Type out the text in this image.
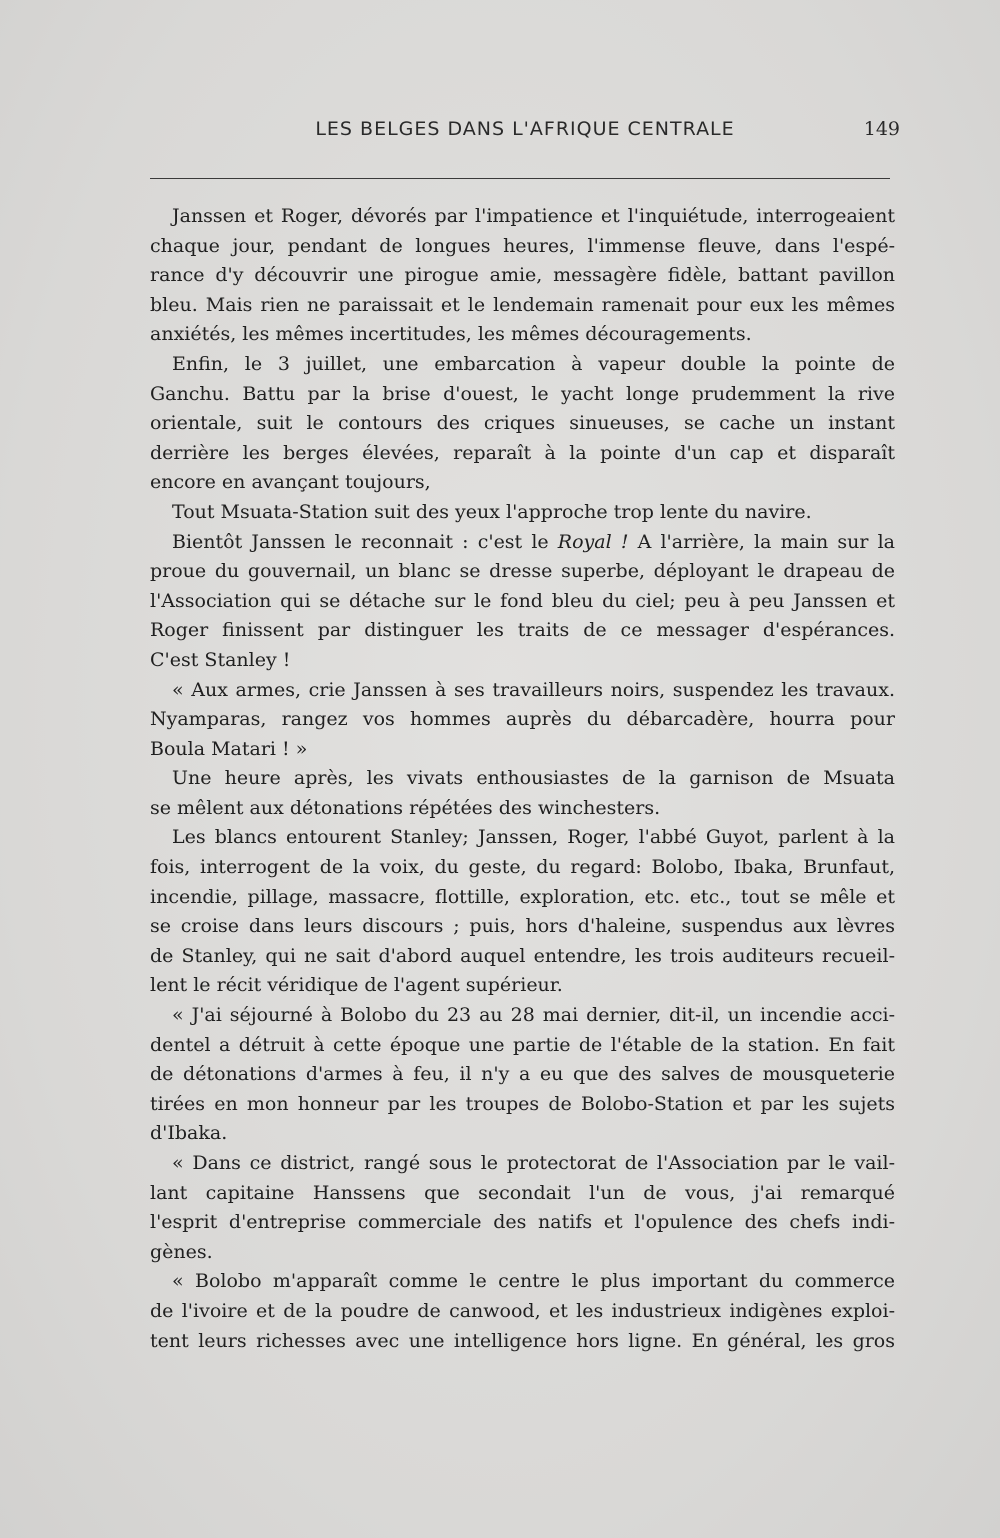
LES BELGES DANS L'AFRIQUE CENTRALE	149
Janssen et Roger, dévorés par l'impatience et l'inquiétude, interrogeaient
chaque jour, pendant de longues heures, l'immense fleuve, dans l'espé-
rance d'y découvrir une pirogue amie, messagère fidèle, battant pavillon
bleu. Mais rien ne paraissait et le lendemain ramenait pour eux les mêmes
anxiétés, les mêmes incertitudes, les mêmes découragements.
Enfin, le 3 juillet, une embarcation à vapeur double la pointe de
Ganchu. Battu par la brise d'ouest, le yacht longe prudemment la rive
orientale, suit le contours des criques sinueuses, se cache un instant
derrière les berges élevées, reparaît à la pointe d'un cap et disparaît
encore en avançant toujours,
Tout Msuata-Station suit des yeux l'approche trop lente du navire.
Bientôt Janssen le reconnait : c'est le Royal ! A l'arrière, la main sur la
proue du gouvernail, un blanc se dresse superbe, déployant le drapeau de
l'Association qui se détache sur le fond bleu du ciel; peu à peu Janssen et
Roger finissent par distinguer les traits de ce messager d'espérances.
C'est Stanley !
« Aux armes, crie Janssen à ses travailleurs noirs, suspendez les travaux.
Nyamparas, rangez vos hommes auprès du débarcadère, hourra pour
Boula Matari ! »
Une heure après, les vivats enthousiastes de la garnison de Msuata
se mêlent aux détonations répétées des winchesters.
Les blancs entourent Stanley; Janssen, Roger, l'abbé Guyot, parlent à la
fois, interrogent de la voix, du geste, du regard: Bolobo, Ibaka, Brunfaut,
incendie, pillage, massacre, flottille, exploration, etc. etc., tout se mêle et
se croise dans leurs discours ; puis, hors d'haleine, suspendus aux lèvres
de Stanley, qui ne sait d'abord auquel entendre, les trois auditeurs recueil-
lent le récit véridique de l'agent supérieur.
« J'ai séjourné à Bolobo du 23 au 28 mai dernier, dit-il, un incendie acci-
dentel a détruit à cette époque une partie de l'étable de la station. En fait
de détonations d'armes à feu, il n'y a eu que des salves de mousqueterie
tirées en mon honneur par les troupes de Bolobo-Station et par les sujets
d'Ibaka.
« Dans ce district, rangé sous le protectorat de l'Association par le vail-
lant capitaine Hanssens que secondait l'un de vous, j'ai remarqué
l'esprit d'entreprise commerciale des natifs et l'opulence des chefs indi-
gènes.
« Bolobo m'apparaît comme le centre le plus important du commerce
de l'ivoire et de la poudre de canwood, et les industrieux indigènes exploi-
tent leurs richesses avec une intelligence hors ligne. En général, les gros
